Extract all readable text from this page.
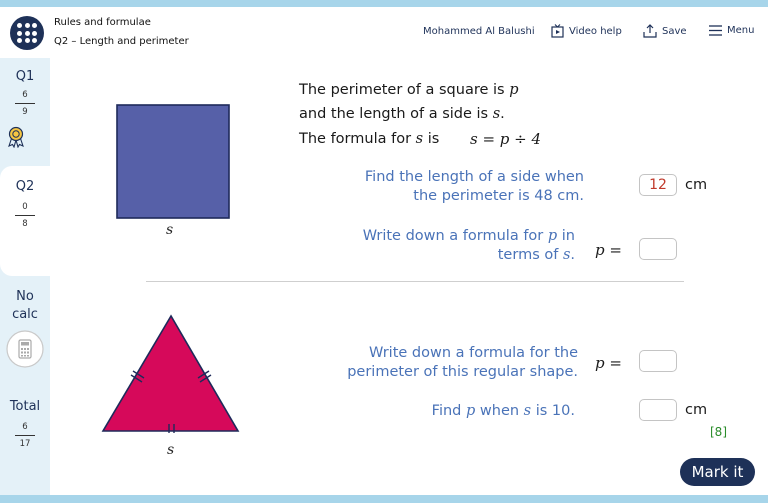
Rules and formulae
Q2 – Length and perimeter
Mohammed Al Balushi	Video help	Save	Menu
Q1
6
9
Q2
0
8
No
calc
Total
6
17
s
The perimeter of a square is p
and the length of a side is s.
The formula for s is s = p ÷ 4
Find the length of a side when
the perimeter is 48 cm.
12	cm
Write down a formula for p in
terms of s. p =
s
Write down a formula for the
perimeter of this regular shape. p =
Find p when s is 10.	cm
[8]
Mark it
